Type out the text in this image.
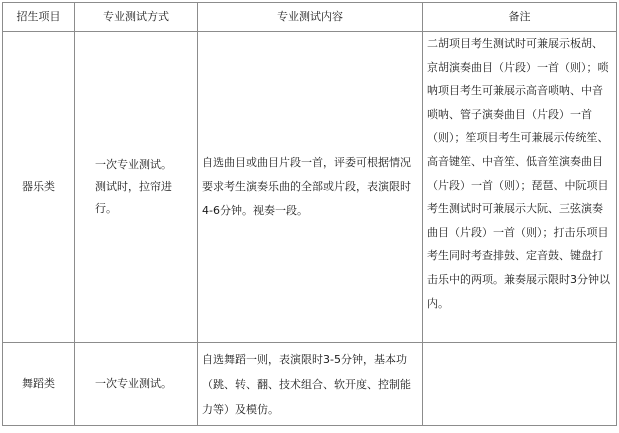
招生项目	专业测试方式	专业测试内容	备注
器乐类	一次专业测试。测试时，拉帘进行。	自选曲目或曲目片段一首，评委可根据情况要求考生演奏乐曲的全部或片段，表演限时4-6分钟。视奏一段。	二胡项目考生测试时可兼展示板胡、京胡演奏曲目（片段）一首（则）；唢呐项目考生可兼展示高音唢呐、中音唢呐、管子演奏曲目（片段）一首（则）；笙项目考生可兼展示传统笙、高音键笙、中音笙、低音笙演奏曲目（片段）一首（则）；琵琶、中阮项目考生测试时可兼展示大阮、三弦演奏曲目（片段）一首（则）；打击乐项目考生同时考查排鼓、定音鼓、键盘打击乐中的两项。兼奏展示限时3分钟以内。
舞蹈类	一次专业测试。	自选舞蹈一则，表演限时3-5分钟，基本功（跳、转、翻、技术组合、软开度、控制能力等）及模仿。	
